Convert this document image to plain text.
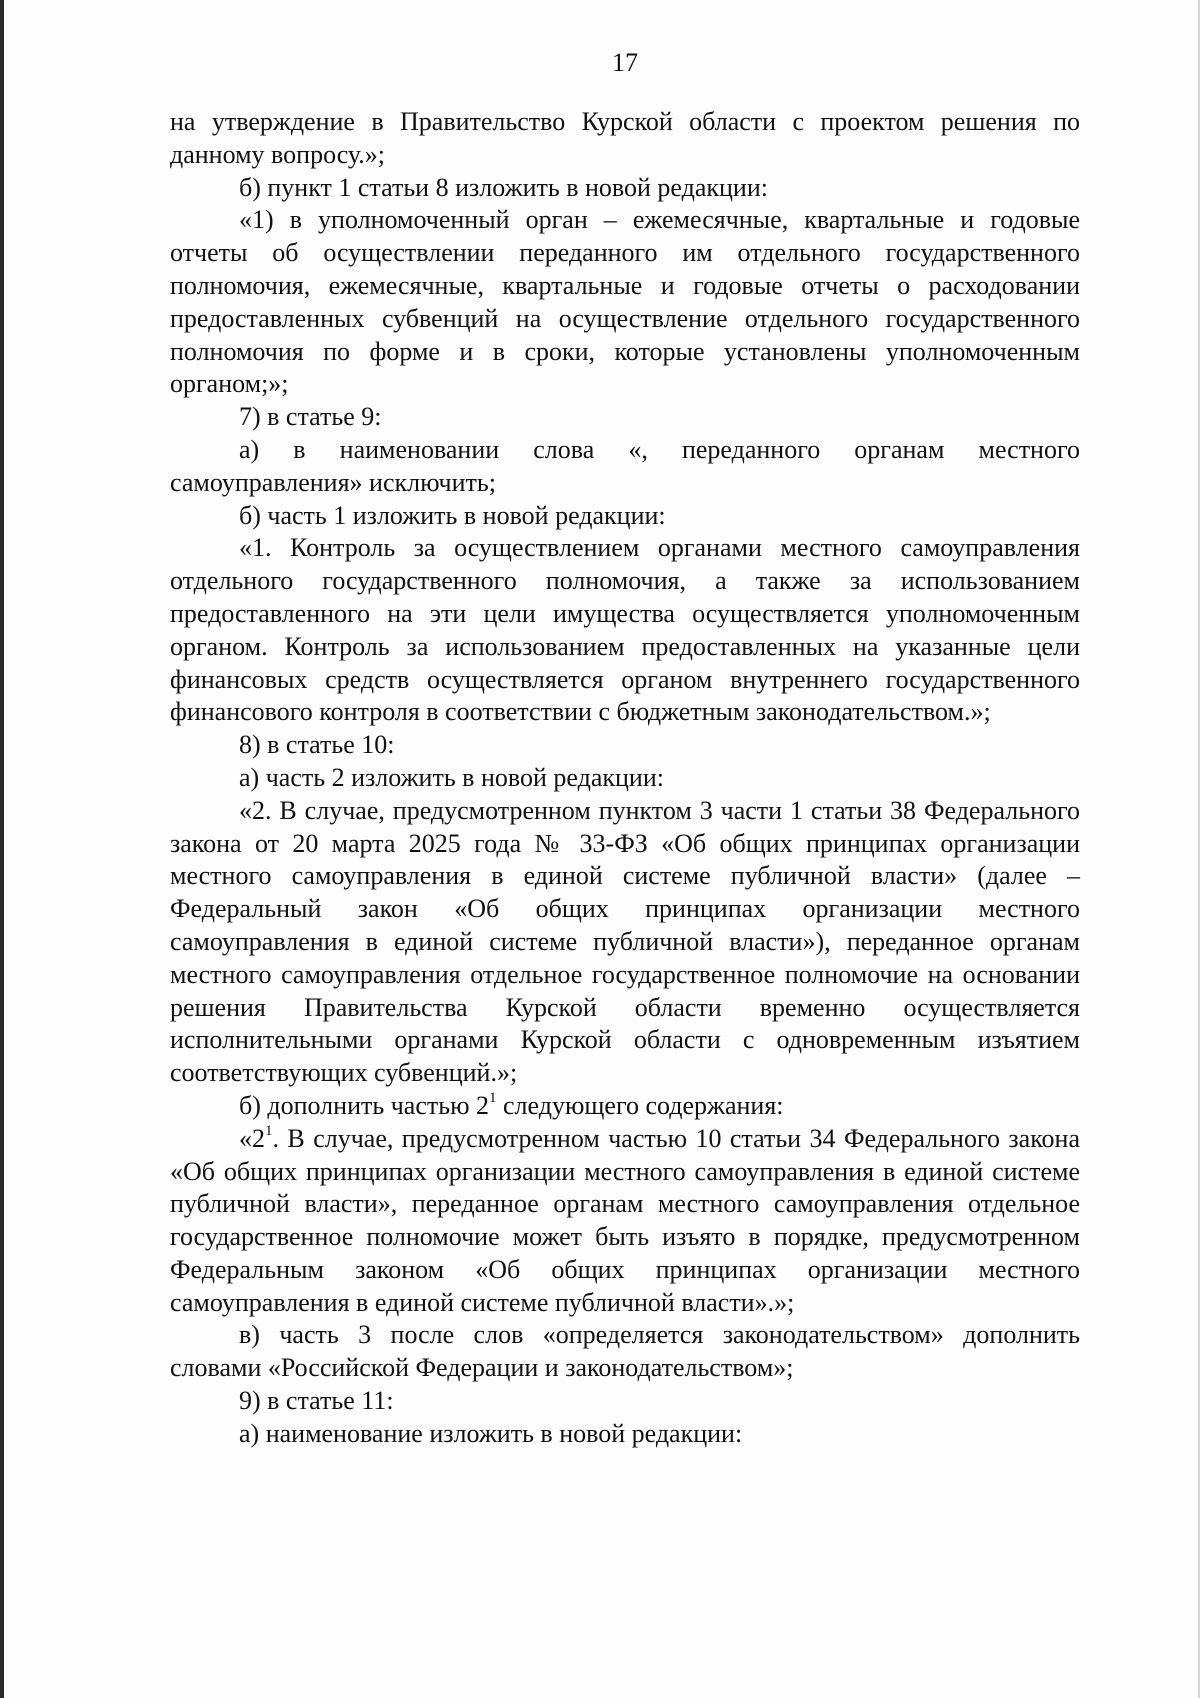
17

на утверждение в Правительство Курской области с проектом решения по данному вопросу.»;

б) пункт 1 статьи 8 изложить в новой редакции:

«1) в уполномоченный орган – ежемесячные, квартальные и годовые отчеты об осуществлении переданного им отдельного государственного полномочия, ежемесячные, квартальные и годовые отчеты о расходовании предоставленных субвенций на осуществление отдельного государственного полномочия по форме и в сроки, которые установлены уполномоченным органом;»;

7) в статье 9:

а) в наименовании слова «, переданного органам местного самоуправления» исключить;

б) часть 1 изложить в новой редакции:

«1. Контроль за осуществлением органами местного самоуправления отдельного государственного полномочия, а также за использованием предоставленного на эти цели имущества осуществляется уполномоченным органом. Контроль за использованием предоставленных на указанные цели финансовых средств осуществляется органом внутреннего государственного финансового контроля в соответствии с бюджетным законодательством.»;

8) в статье 10:

а) часть 2 изложить в новой редакции:

«2. В случае, предусмотренном пунктом 3 части 1 статьи 38 Федерального закона от 20 марта 2025 года № 33-ФЗ «Об общих принципах организации местного самоуправления в единой системе публичной власти» (далее – Федеральный закон «Об общих принципах организации местного самоуправления в единой системе публичной власти»), переданное органам местного самоуправления отдельное государственное полномочие на основании решения Правительства Курской области временно осуществляется исполнительными органами Курской области с одновременным изъятием соответствующих субвенций.»;

б) дополнить частью $2^1$ следующего содержания:

«$2^1$. В случае, предусмотренном частью 10 статьи 34 Федерального закона «Об общих принципах организации местного самоуправления в единой системе публичной власти», переданное органам местного самоуправления отдельное государственное полномочие может быть изъято в порядке, предусмотренном Федеральным законом «Об общих принципах организации местного самоуправления в единой системе публичной власти».»;

в) часть 3 после слов «определяется законодательством» дополнить словами «Российской Федерации и законодательством»;

9) в статье 11:

а) наименование изложить в новой редакции:
